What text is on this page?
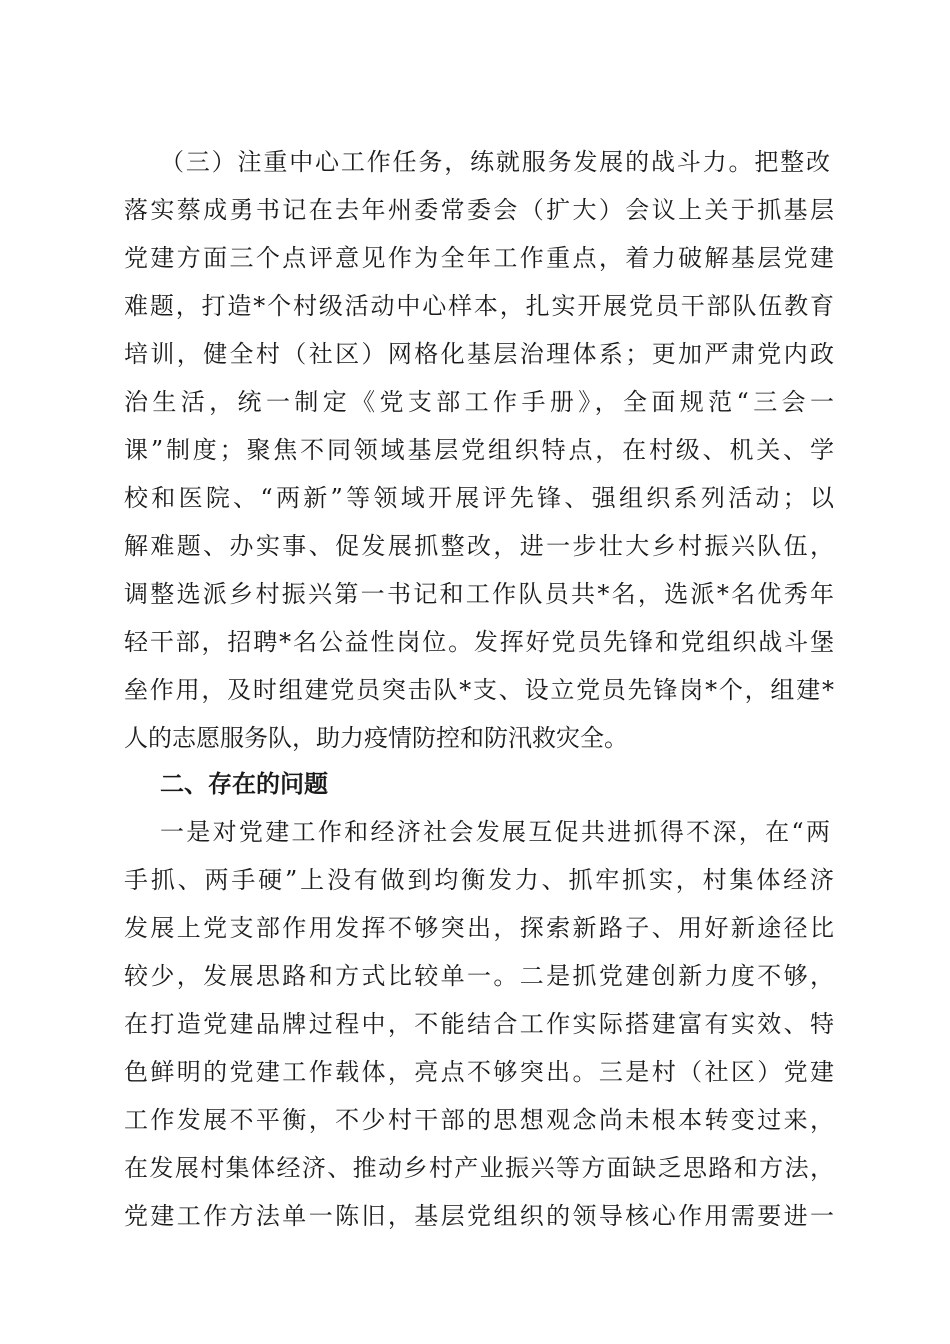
（三）注重中心工作任务，练就服务发展的战斗力。把整改
落实蔡成勇书记在去年州委常委会（扩大）会议上关于抓基层
党建方面三个点评意见作为全年工作重点，着力破解基层党建
难题，打造*个村级活动中心样本，扎实开展党员干部队伍教育
培训，健全村（社区）网格化基层治理体系；更加严肃党内政
治生活，统一制定《党支部工作手册》，全面规范“三会一
课”制度；聚焦不同领域基层党组织特点，在村级、机关、学
校和医院、“两新”等领域开展评先锋、强组织系列活动；以
解难题、办实事、促发展抓整改，进一步壮大乡村振兴队伍，
调整选派乡村振兴第一书记和工作队员共*名，选派*名优秀年
轻干部，招聘*名公益性岗位。发挥好党员先锋和党组织战斗堡
垒作用，及时组建党员突击队*支、设立党员先锋岗*个，组建*
人的志愿服务队，助力疫情防控和防汛救灾全。
二、存在的问题
一是对党建工作和经济社会发展互促共进抓得不深，在“两
手抓、两手硬”上没有做到均衡发力、抓牢抓实，村集体经济
发展上党支部作用发挥不够突出，探索新路子、用好新途径比
较少，发展思路和方式比较单一。二是抓党建创新力度不够，
在打造党建品牌过程中，不能结合工作实际搭建富有实效、特
色鲜明的党建工作载体，亮点不够突出。三是村（社区）党建
工作发展不平衡，不少村干部的思想观念尚未根本转变过来，
在发展村集体经济、推动乡村产业振兴等方面缺乏思路和方法，
党建工作方法单一陈旧，基层党组织的领导核心作用需要进一
